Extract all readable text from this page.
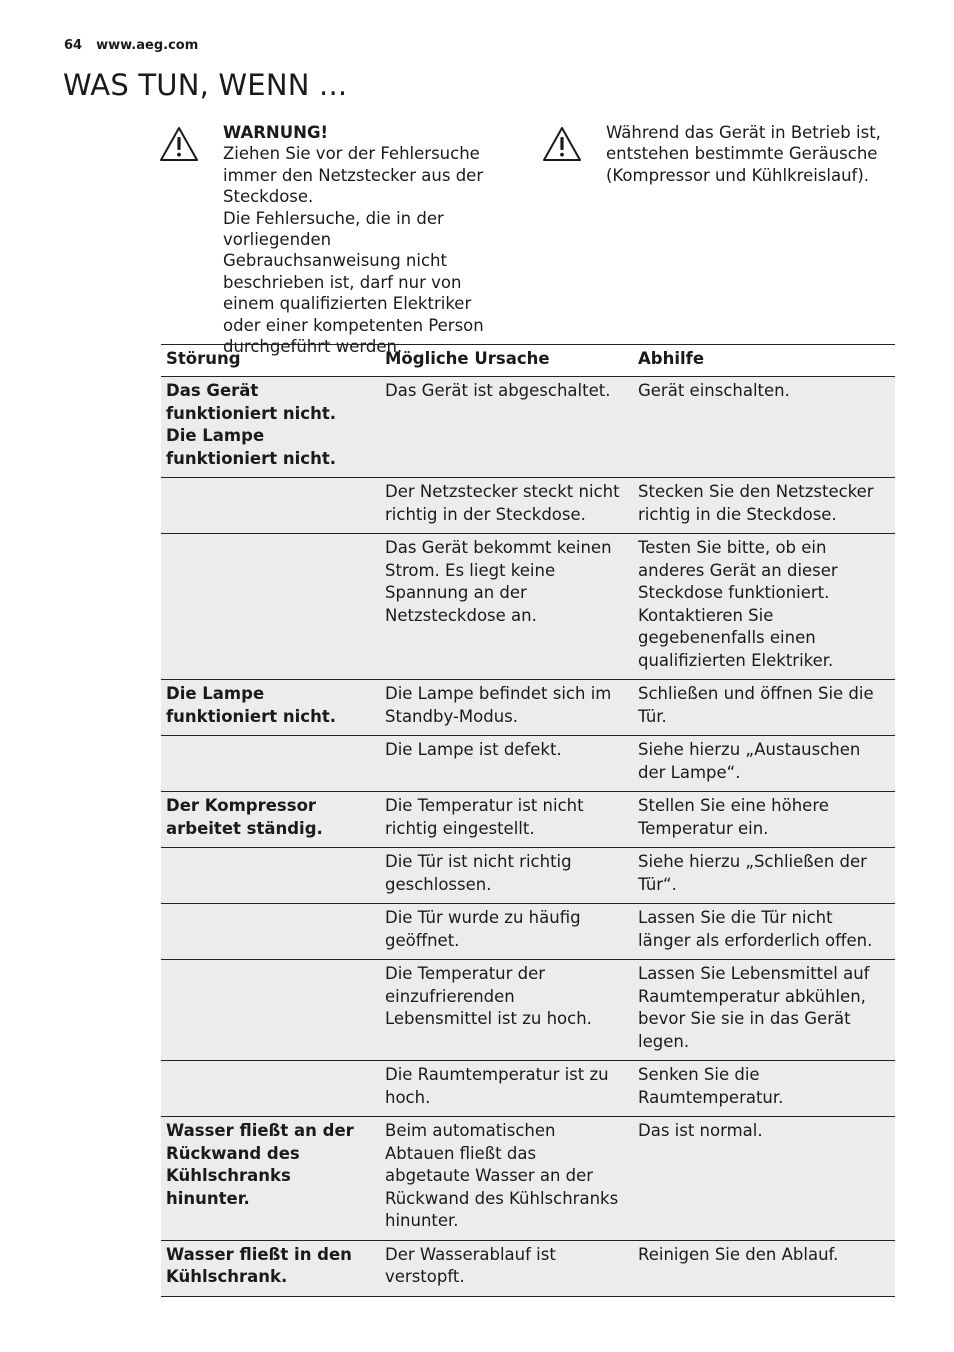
64 www.aeg.com
WAS TUN, WENN ...

WARNUNG!

Ziehen Sie vor der Fehlersuche immer den Netzstecker aus der Steckdose.

Die Fehlersuche, die in der vorliegenden Gebrauchsanweisung nicht beschrieben ist, darf nur von einem qualifizierten Elektriker oder einer kompetenten Person durchgeführt werden.

Während das Gerät in Betrieb ist, entstehen bestimmte Geräusche (Kompressor und Kühlkreislauf).

Störung	Mögliche Ursache	Abhilfe
Das Gerät funktioniert nicht. Die Lampe funktioniert nicht.	Das Gerät ist abgeschaltet.	Gerät einschalten.
	Der Netzstecker steckt nicht richtig in der Steckdose.	Stecken Sie den Netzstecker richtig in die Steckdose.
	Das Gerät bekommt keinen Strom. Es liegt keine Spannung an der Netzsteckdose an.	Testen Sie bitte, ob ein anderes Gerät an dieser Steckdose funktioniert. Kontaktieren Sie gegebenenfalls einen qualifizierten Elektriker.
Die Lampe funktioniert nicht.	Die Lampe befindet sich im Standby-Modus.	Schließen und öffnen Sie die Tür.
	Die Lampe ist defekt.	Siehe hierzu „Austauschen der Lampe“.
Der Kompressor arbeitet ständig.	Die Temperatur ist nicht richtig eingestellt.	Stellen Sie eine höhere Temperatur ein.
	Die Tür ist nicht richtig geschlossen.	Siehe hierzu „Schließen der Tür“.
	Die Tür wurde zu häufig geöffnet.	Lassen Sie die Tür nicht länger als erforderlich offen.
	Die Temperatur der einzufrierenden Lebensmittel ist zu hoch.	Lassen Sie Lebensmittel auf Raumtemperatur abkühlen, bevor Sie sie in das Gerät legen.
	Die Raumtemperatur ist zu hoch.	Senken Sie die Raumtemperatur.
Wasser fließt an der Rückwand des Kühlschranks hinunter.	Beim automatischen Abtauen fließt das abgetaute Wasser an der Rückwand des Kühlschranks hinunter.	Das ist normal.
Wasser fließt in den Kühlschrank.	Der Wasserablauf ist verstopft.	Reinigen Sie den Ablauf.
